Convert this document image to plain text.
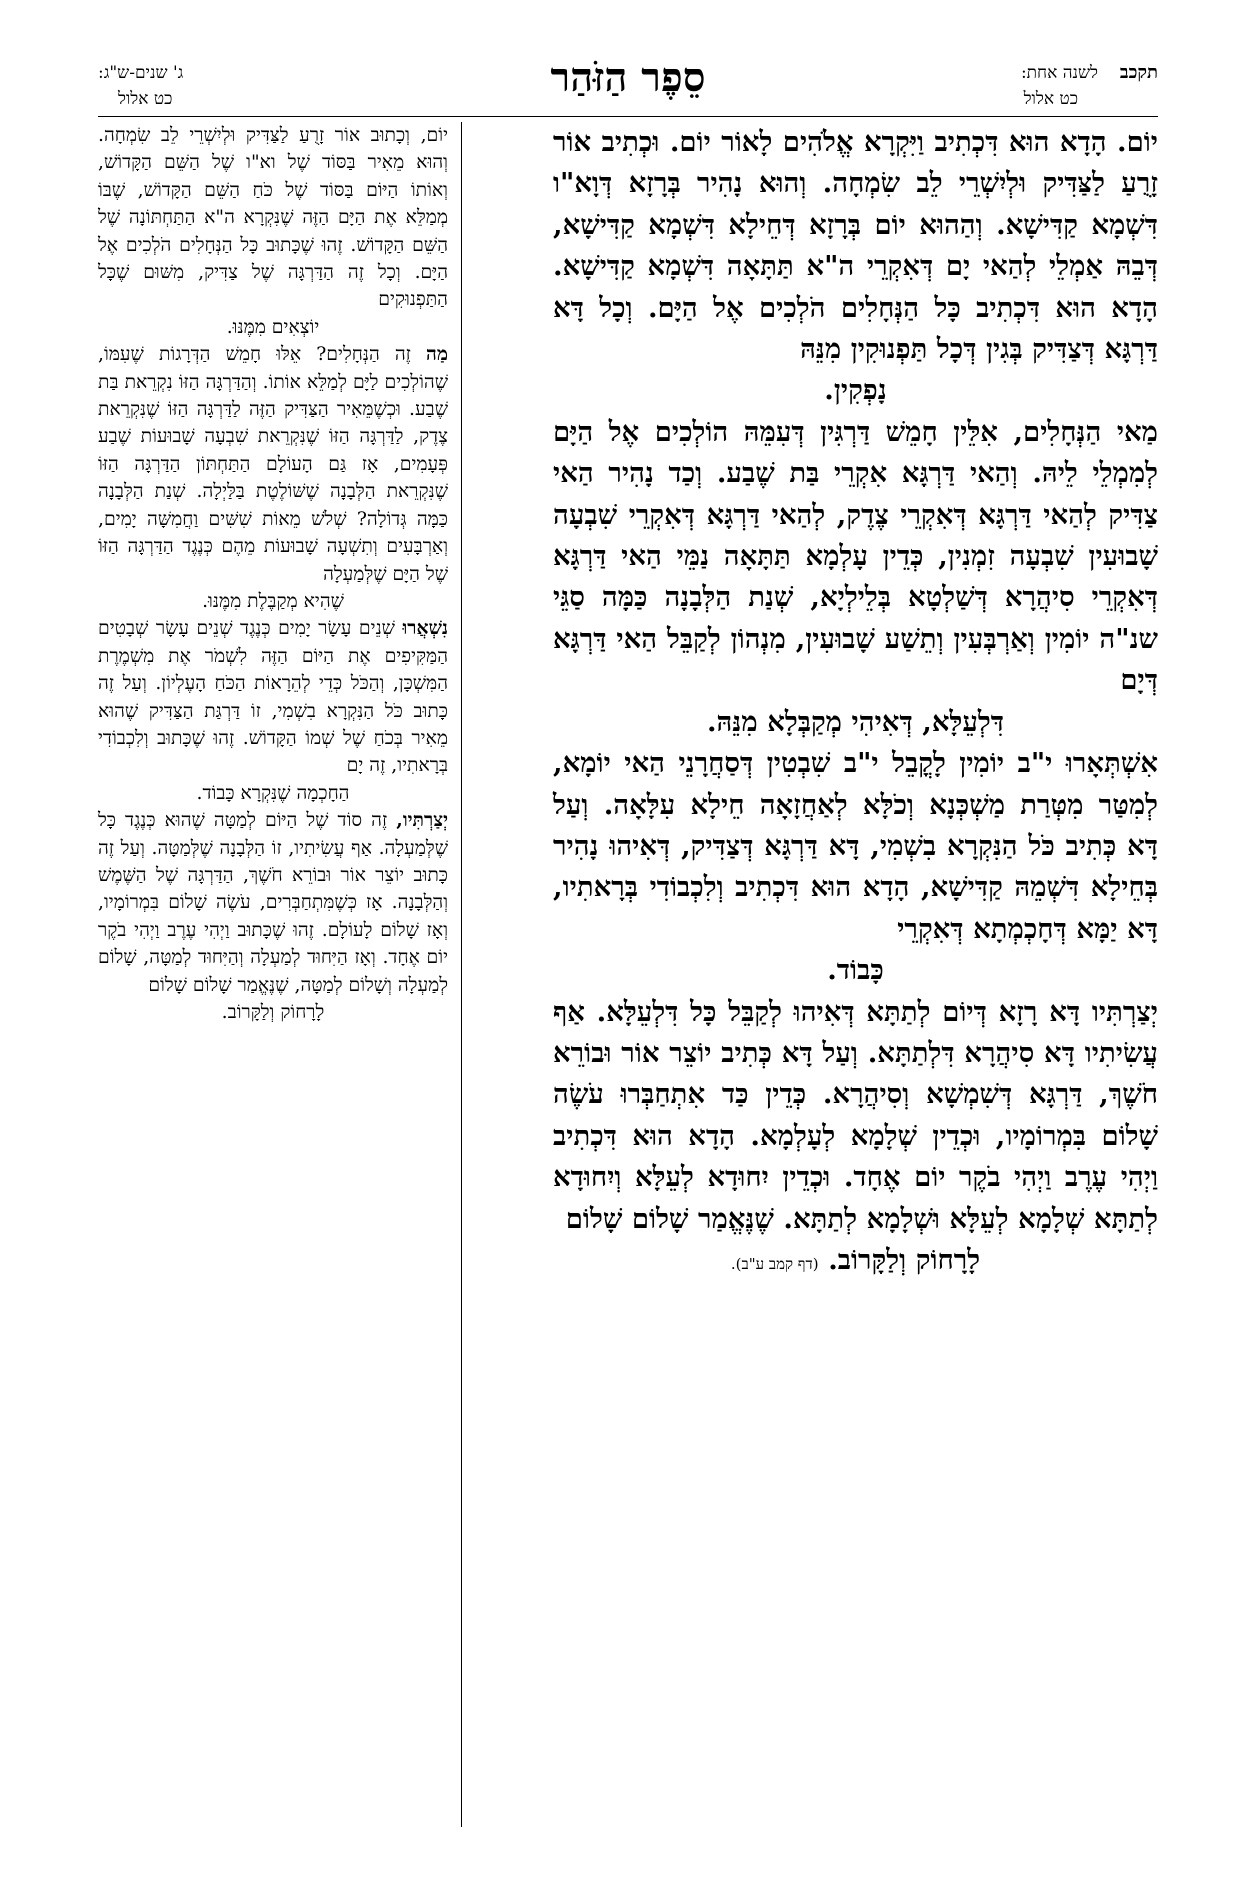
תקכב
לשנה אחת:
כט אלול
סֵפֶר הַזֹּהַר
ג' שנים-ש"ג:
כט אלול

יוֹם. הָדָא הוּא דִּכְתִיב וַיִּקְרָא אֱלֹהִים לָאוֹר יוֹם. וּכְתִיב אוֹר זָרֻעַ לַצַּדִּיק וּלְיִשְׁרֵי לֵב שִׂמְחָה. וְהוּא נָהִיר בְּרָזָא דְּוָא"ו דִּשְׁמָא קַדִּישָׁא. וְהַהוּא יוֹם בְּרָזָא דְּחֵילָא דִּשְׁמָא קַדִּישָׁא, דְּבֵהּ אַמְלֵי לְהַאי יָם דְּאִקְרֵי ה"א תַּתָּאָה דִּשְׁמָא קַדִּישָׁא. הָדָא הוּא דִּכְתִיב כָּל הַנְּחָלִים הֹלְכִים אֶל הַיָּם. וְכָל דָּא דַּרְגָּא דְּצַדִּיק בְּגִין דְּכָל תַּפְנוּקִין מִנֵּהּ

נָפְקִין.

מַאי הַנְּחָלִים, אִלֵּין חָמֵשׁ דַּרְגִּין דְּעִמֵּהּ הוֹלְכִים אֶל הַיָּם לְמִמְלֵי לֵיהּ. וְהַאי דַּרְגָּא אִקְרֵי בַּת שֶׁבַע. וְכַד נָהִיר הַאי צַדִּיק לְהַאי דַּרְגָּא דְּאִקְרֵי צֶדֶק, לְהַאי דַּרְגָּא דְּאִקְרֵי שִׁבְעָה שָׁבוּעִין שִׁבְעָה זִמְנִין, כְּדֵין עָלְמָא תַּתָּאָה נַמֵּי הַאי דַּרְגָּא דְּאִקְרֵי סִיהֲרָא דְּשַׁלְטָא בְּלֵילְיָא, שְׁנַת הַלְּבָנָה כַּמָּה סַגֵּי שנ"ה יוֹמִין וְאַרְבְּעִין וְתֵשַׁע שָׁבוּעִין, מִנְהוֹן לְקַבֵּל הַאי דַּרְגָּא דְּיָם

דִּלְעֵלָּא, דְּאִיהִי מְקַבְּלָא מִנֵּהּ.

אִשְׁתְּאָרוּ י"ב יוֹמִין לָקֳבֵל י"ב שִׁבְטִין דְּסַחֲרָנֵי הַאי יוֹמָא, לְמִטַּר מִטְּרַת מַשְׁכְּנָא וְכֹלָּא לְאַחֲזָאָה חֵילָא עִלָּאָה. וְעַל דָּא כְּתִיב כֹּל הַנִּקְרָא בִשְׁמִי, דָּא דַּרְגָּא דְּצַדִּיק, דְּאִיהוּ נָהִיר בְּחֵילָא דִּשְׁמֵהּ קַדִּישָׁא, הָדָא הוּא דִּכְתִיב וְלִכְבוֹדִי בְּרָאתִיו, דָּא יַמָּא דְּחָכְמְתָא דְּאִקְרֵי

כָּבוֹד.

יְצַרְתִּיו דָּא רָזָא דְּיוֹם לְתַתָּא דְּאִיהוּ לְקַבֵּל כָּל דִּלְעֵלָּא. אַף עֲשִׂיתִיו דָּא סִיהֲרָא דִּלְתַתָּא. וְעַל דָּא כְּתִיב יוֹצֵר אוֹר וּבוֹרֵא חֹשֶׁךְ, דַּרְגָּא דְּשִׁמְשָׁא וְסִיהֲרָא. כְּדֵין כַּד אִתְחַבְּרוּ עֹשֶׂה שָׁלוֹם בִּמְרוֹמָיו, וּכְדֵין שְׁלָמָא לְעָלְמָא. הָדָא הוּא דִּכְתִיב וַיְהִי עֶרֶב וַיְהִי בֹקֶר יוֹם אֶחָד. וּכְדֵין יִחוּדָא לְעֵלָּא וְיִחוּדָא לְתַתָּא שְׁלָמָא לְעֵלָּא וּשְׁלָמָא לְתַתָּא. שֶׁנֶּאֱמַר שָׁלוֹם שָׁלוֹם

לָרָחוֹק וְלַקָּרוֹב. (דף קמב ע"ב).

יוֹם, וְכָתוּב אוֹר זָרֻעַ לַצַּדִּיק וּלְיִשְׁרֵי לֵב שִׂמְחָה. וְהוּא מֵאִיר בַּסּוֹד שֶׁל וא"ו שֶׁל הַשֵּׁם הַקָּדוֹשׁ, וְאוֹתוֹ הַיּוֹם בַּסּוֹד שֶׁל כֹּחַ הַשֵּׁם הַקָּדוֹשׁ, שֶׁבּוֹ מְמַלֵּא אֶת הַיָּם הַזֶּה שֶׁנִּקְרָא ה"א הַתַּחְתּוֹנָה שֶׁל הַשֵּׁם הַקָּדוֹשׁ. זֶהוּ שֶׁכָּתוּב כָּל הַנְּחָלִים הֹלְכִים אֶל הַיָּם. וְכָל זֶה הַדַּרְגָּה שֶׁל צַדִּיק, מִשּׁוּם שֶׁכָּל הַתַּפְנוּקִים

יוֹצְאִים מִמֶּנּוּ.

מַה זֶה הַנְּחָלִים? אֵלּוּ חָמֵשׁ הַדְּרָגוֹת שֶׁעִמּוֹ, שֶׁהוֹלְכִים לַיָּם לְמַלֵּא אוֹתוֹ. וְהַדַּרְגָּה הַזּוֹ נִקְרֵאת בַּת שֶׁבַע. וּכְשֶׁמֵּאִיר הַצַּדִּיק הַזֶּה לַדַּרְגָּה הַזּוֹ שֶׁנִּקְרֵאת צֶדֶק, לַדַּרְגָּה הַזּוֹ שֶׁנִּקְרֵאת שִׁבְעָה שָׁבוּעוֹת שֶׁבַע פְּעָמִים, אָז גַּם הָעוֹלָם הַתַּחְתּוֹן הַדַּרְגָּה הַזּוֹ שֶׁנִּקְרֵאת הַלְּבָנָה שֶׁשּׁוֹלֶטֶת בַּלַּיְלָה. שְׁנַת הַלְּבָנָה כַּמָּה גְּדוֹלָה? שְׁלֹשׁ מֵאוֹת שִׁשִּׁים וַחֲמִשָּׁה יָמִים, וְאַרְבָּעִים וְתִשְׁעָה שָׁבוּעוֹת מֵהֶם כְּנֶגֶד הַדַּרְגָּה הַזּוֹ שֶׁל הַיָּם שֶׁלְּמַעְלָה

שֶׁהִיא מְקַבֶּלֶת מִמֶּנּוּ.

נִשְׁאֲרוּ שְׁנֵים עָשָׂר יָמִים כְּנֶגֶד שְׁנֵים עָשָׂר שְׁבָטִים הַמַּקִּיפִים אֶת הַיּוֹם הַזֶּה לִשְׁמֹר אֶת מִשְׁמֶרֶת הַמִּשְׁכָּן, וְהַכֹּל כְּדֵי לְהֵרָאוֹת הַכֹּחַ הָעֶלְיוֹן. וְעַל זֶה כָּתוּב כֹּל הַנִּקְרָא בִשְׁמִי, זוֹ דַּרְגַּת הַצַּדִּיק שֶׁהוּא מֵאִיר בְּכֹחַ שֶׁל שְׁמוֹ הַקָּדוֹשׁ. זֶהוּ שֶׁכָּתוּב וְלִכְבוֹדִי בְּרָאתִיו, זֶה יָם

הַחָכְמָה שֶׁנִּקְרָא כָּבוֹד.

יְצַרְתִּיו, זֶה סוֹד שֶׁל הַיּוֹם לְמַטָּה שֶׁהוּא כְּנֶגֶד כָּל שֶׁלְּמַעְלָה. אַף עֲשִׂיתִיו, זוֹ הַלְּבָנָה שֶׁלְּמַטָּה. וְעַל זֶה כָּתוּב יוֹצֵר אוֹר וּבוֹרֵא חֹשֶׁךְ, הַדַּרְגָּה שֶׁל הַשֶּׁמֶשׁ וְהַלְּבָנָה. אָז כְּשֶׁמִּתְחַבְּרִים, עֹשֶׂה שָׁלוֹם בִּמְרוֹמָיו, וְאָז שָׁלוֹם לָעוֹלָם. זֶהוּ שֶׁכָּתוּב וַיְהִי עֶרֶב וַיְהִי בֹקֶר יוֹם אֶחָד. וְאָז הַיִּחוּד לְמַעְלָה וְהַיִּחוּד לְמַטָּה, שָׁלוֹם לְמַעְלָה וְשָׁלוֹם לְמַטָּה, שֶׁנֶּאֱמַר שָׁלוֹם שָׁלוֹם

לָרָחוֹק וְלַקָּרוֹב.
